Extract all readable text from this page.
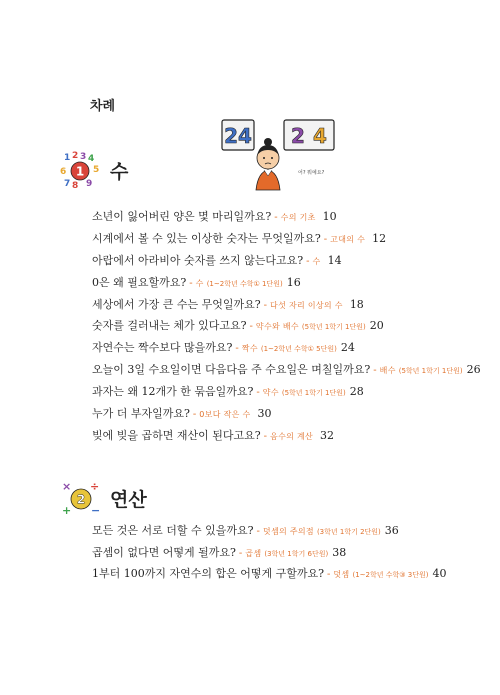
차례
24 2 4
어? 뭐예요?
1 2 3 4
5
6
7 8 9
1 수
소년이 잃어버린 양은 몇 마리일까요? - 수의 기초 10
시계에서 볼 수 있는 이상한 숫자는 무엇일까요? - 고대의 수 12
아랍에서 아라비아 숫자를 쓰지 않는다고요? - 수 14
0은 왜 필요할까요? - 수 (1~2학년 수학① 1단원) 16
세상에서 가장 큰 수는 무엇일까요? - 다섯 자리 이상의 수 18
숫자를 걸러내는 체가 있다고요? - 약수와 배수 (5학년 1학기 1단원) 20
자연수는 짝수보다 많을까요? - 짝수 (1~2학년 수학① 5단원) 24
오늘이 3일 수요일이면 다음다음 주 수요일은 며칠일까요? - 배수 (5학년 1학기 1단원) 26
과자는 왜 12개가 한 묶음일까요? - 약수 (5학년 1학기 1단원) 28
누가 더 부자일까요? - 0보다 작은 수 30
빚에 빚을 곱하면 재산이 된다고요? - 음수의 계산 32
× ÷
+ −
2 연산
모든 것은 서로 더할 수 있을까요? - 덧셈의 주의점 (3학년 1학기 2단원) 36
곱셈이 없다면 어떻게 될까요? - 곱셈 (3학년 1학기 6단원) 38
1부터 100까지 자연수의 합은 어떻게 구할까요? - 덧셈 (1~2학년 수학③ 3단원) 40
